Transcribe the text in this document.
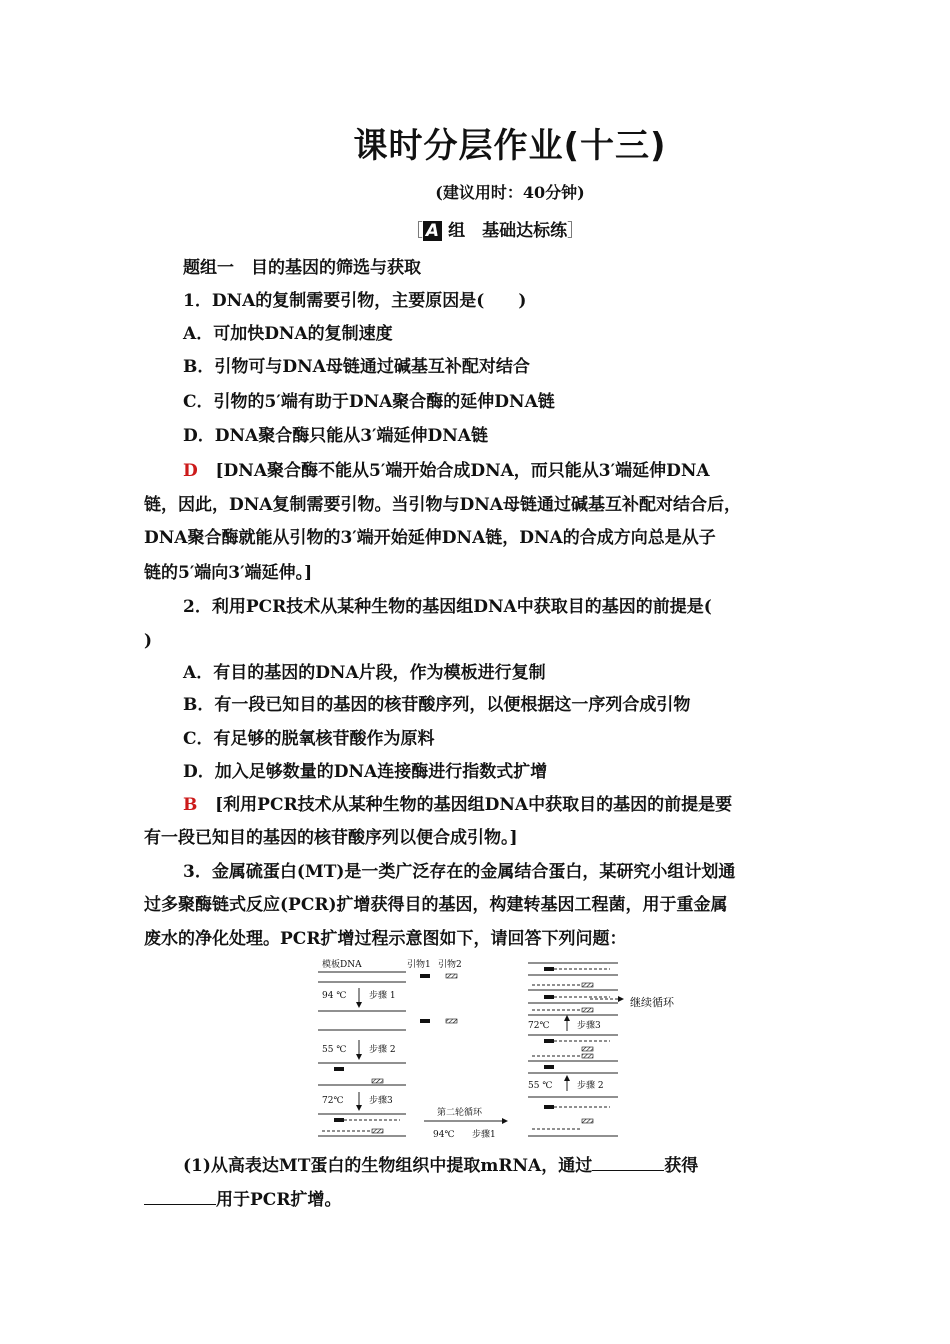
课时分层作业(十三)
(建议用时：40分钟)
［ A 组　基础达标练］
题组一　目的基因的筛选与获取
1．DNA的复制需要引物，主要原因是(　　)
A．可加快DNA的复制速度
B．引物可与DNA母链通过碱基互补配对结合
C．引物的5′端有助于DNA聚合酶的延伸DNA链
D．DNA聚合酶只能从3′端延伸DNA链
D [DNA聚合酶不能从5′端开始合成DNA，而只能从3′端延伸DNA
链，因此，DNA复制需要引物。当引物与DNA母链通过碱基互补配对结合后，
DNA聚合酶就能从引物的3′端开始延伸DNA链，DNA的合成方向总是从子
链的5′端向3′端延伸。]
2．利用PCR技术从某种生物的基因组DNA中获取目的基因的前提是(
)
A．有目的基因的DNA片段，作为模板进行复制
B．有一段已知目的基因的核苷酸序列，以便根据这一序列合成引物
C．有足够的脱氧核苷酸作为原料
D．加入足够数量的DNA连接酶进行指数式扩增
B [利用PCR技术从某种生物的基因组DNA中获取目的基因的前提是要
有一段已知目的基因的核苷酸序列以便合成引物。]
3．金属硫蛋白(MT)是一类广泛存在的金属结合蛋白，某研究小组计划通
过多聚酶链式反应(PCR)扩增获得目的基因，构建转基因工程菌，用于重金属
废水的净化处理。PCR扩增过程示意图如下，请回答下列问题：
模板DNA	引物1 引物2
94 ℃	步骤 1
55 ℃	步骤 2
72℃	步骤3
第二轮循环
94℃ 步骤1
72℃	步骤3
55 ℃	步骤 2
继续循环
(1)从高表达MT蛋白的生物组织中提取mRNA，通过	获得
用于PCR扩增。
